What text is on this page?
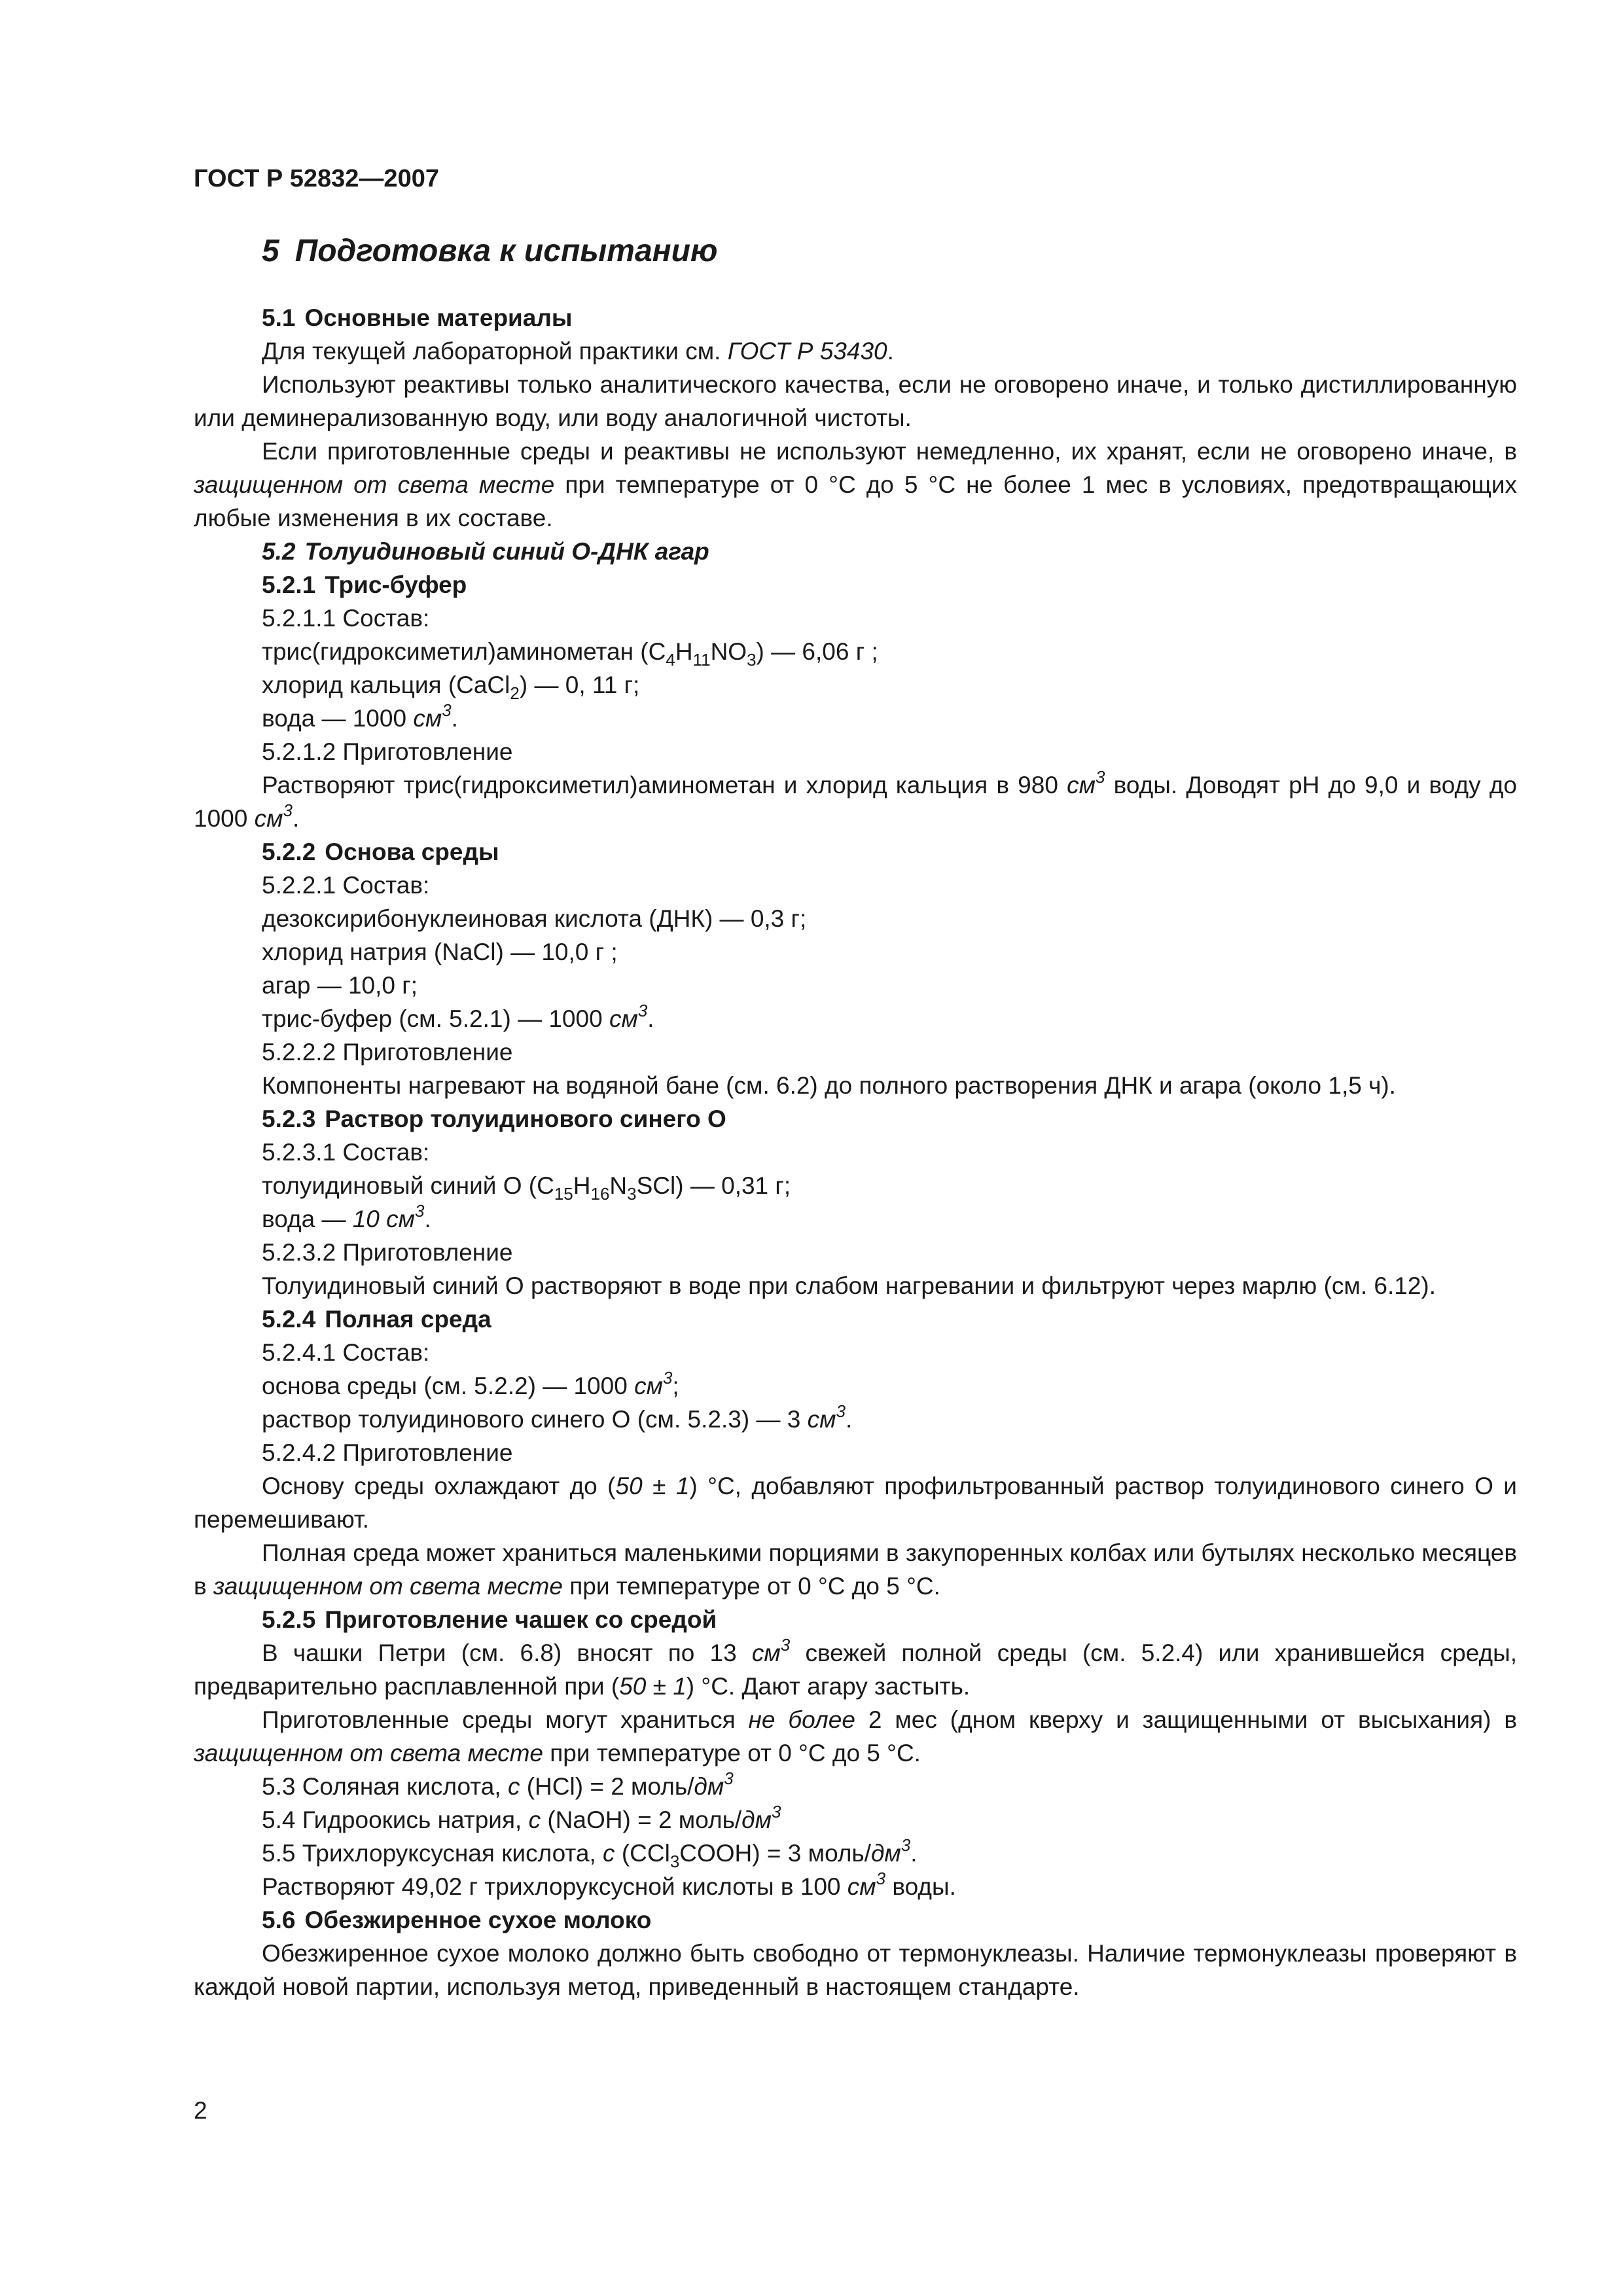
ГОСТ Р 52832—2007
5 Подготовка к испытанию
5.1 Основные материалы
Для текущей лабораторной практики см. ГОСТ Р 53430.
Используют реактивы только аналитического качества, если не оговорено иначе, и только дистиллированную или деминерализованную воду, или воду аналогичной чистоты.
Если приготовленные среды и реактивы не используют немедленно, их хранят, если не оговорено иначе, в защищенном от света месте при температуре от 0 °С до 5 °С не более 1 мес в условиях, предотвращающих любые изменения в их составе.
5.2 Толуидиновый синий О-ДНК агар
5.2.1 Трис-буфер
5.2.1.1 Состав:
трис(гидроксиметил)аминометан $(C_4H_{11}NO_3)$ — 6,06 г ;
хлорид кальция (CaCl$_2$) — 0, 11 г;
вода — 1000 $см^3$.
5.2.1.2 Приготовление
Растворяют трис(гидроксиметил)аминометан и хлорид кальция в 980 $см^3$ воды. Доводят pH до 9,0 и воду до 1000 $см^3$.
5.2.2 Основа среды
5.2.2.1 Состав:
дезоксирибонуклеиновая кислота (ДНК) — 0,3 г;
хлорид натрия (NaCl) — 10,0 г ;
агар — 10,0 г;
трис-буфер (см. 5.2.1) — 1000 $см^3$.
5.2.2.2 Приготовление
Компоненты нагревают на водяной бане (см. 6.2) до полного растворения ДНК и агара (около 1,5 ч).
5.2.3 Раствор толуидинового синего О
5.2.3.1 Состав:
толуидиновый синий О $(C_{15}H_{16}N_3SCl)$ — 0,31 г;
вода — 10 $см^3$.
5.2.3.2 Приготовление
Толуидиновый синий О растворяют в воде при слабом нагревании и фильтруют через марлю (см. 6.12).
5.2.4 Полная среда
5.2.4.1 Состав:
основа среды (см. 5.2.2) — 1000 $см^3$;
раствор толуидинового синего О (см. 5.2.3) — 3 $см^3$.
5.2.4.2 Приготовление
Основу среды охлаждают до (50 ± 1) °С, добавляют профильтрованный раствор толуидинового синего О и перемешивают.
Полная среда может храниться маленькими порциями в закупоренных колбах или бутылях несколько месяцев в защищенном от света месте при температуре от 0 °С до 5 °С.
5.2.5 Приготовление чашек со средой
В чашки Петри (см. 6.8) вносят по 13 $см^3$ свежей полной среды (см. 5.2.4) или хранившейся среды, предварительно расплавленной при (50 ± 1) °С. Дают агару застыть.
Приготовленные среды могут храниться не более 2 мес (дном кверху и защищенными от высыхания) в защищенном от света месте при температуре от 0 °С до 5 °С.
5.3 Соляная кислота, c (HCl) = 2 моль/$дм^3$
5.4 Гидроокись натрия, c (NaOH) = 2 моль/$дм^3$
5.5 Трихлоруксусная кислота, c (CCl$_3$COOH) = 3 моль/$дм^3$.
Растворяют 49,02 г трихлоруксусной кислоты в 100 $см^3$ воды.
5.6 Обезжиренное сухое молоко
Обезжиренное сухое молоко должно быть свободно от термонуклеазы. Наличие термонуклеазы проверяют в каждой новой партии, используя метод, приведенный в настоящем стандарте.
2
